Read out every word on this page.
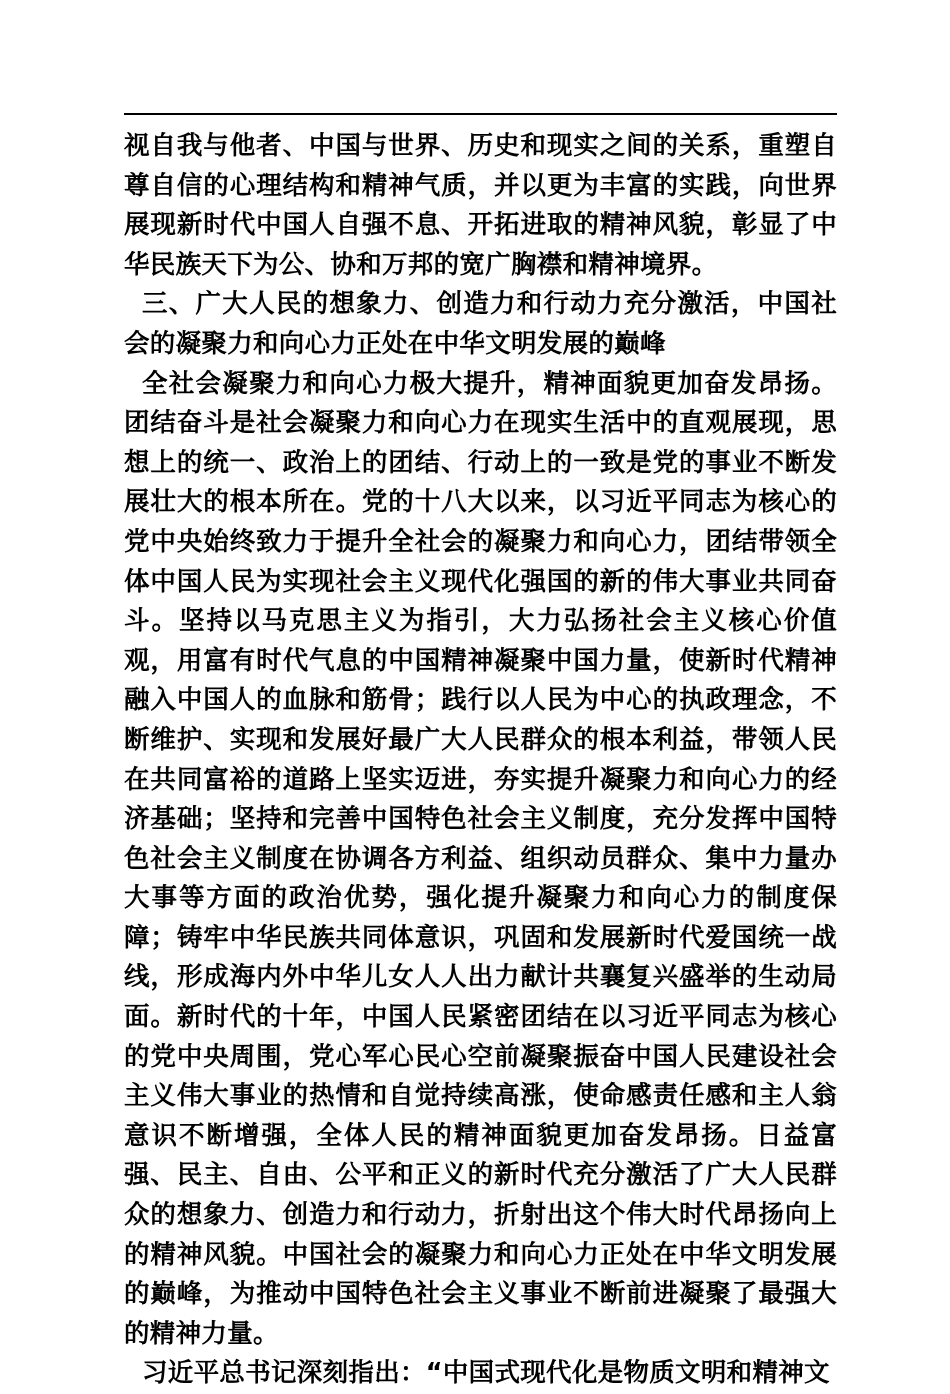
视自我与他者、中国与世界、历史和现实之间的关系，重塑自尊自信的心理结构和精神气质，并以更为丰富的实践，向世界展现新时代中国人自强不息、开拓进取的精神风貌，彰显了中华民族天下为公、协和万邦的宽广胸襟和精神境界。

三、广大人民的想象力、创造力和行动力充分激活，中国社会的凝聚力和向心力正处在中华文明发展的巅峰

全社会凝聚力和向心力极大提升，精神面貌更加奋发昂扬。团结奋斗是社会凝聚力和向心力在现实生活中的直观展现，思想上的统一、政治上的团结、行动上的一致是党的事业不断发展壮大的根本所在。党的十八大以来，以习近平同志为核心的党中央始终致力于提升全社会的凝聚力和向心力，团结带领全体中国人民为实现社会主义现代化强国的新的伟大事业共同奋斗。坚持以马克思主义为指引，大力弘扬社会主义核心价值观，用富有时代气息的中国精神凝聚中国力量，使新时代精神融入中国人的血脉和筋骨；践行以人民为中心的执政理念，不断维护、实现和发展好最广大人民群众的根本利益，带领人民在共同富裕的道路上坚实迈进，夯实提升凝聚力和向心力的经济基础；坚持和完善中国特色社会主义制度，充分发挥中国特色社会主义制度在协调各方利益、组织动员群众、集中力量办大事等方面的政治优势，强化提升凝聚力和向心力的制度保障；铸牢中华民族共同体意识，巩固和发展新时代爱国统一战线，形成海内外中华儿女人人出力献计共襄复兴盛举的生动局面。新时代的十年，中国人民紧密团结在以习近平同志为核心的党中央周围，党心军心民心空前凝聚振奋中国人民建设社会主义伟大事业的热情和自觉持续高涨，使命感责任感和主人翁意识不断增强，全体人民的精神面貌更加奋发昂扬。日益富强、民主、自由、公平和正义的新时代充分激活了广大人民群众的想象力、创造力和行动力，折射出这个伟大时代昂扬向上的精神风貌。中国社会的凝聚力和向心力正处在中华文明发展的巅峰，为推动中国特色社会主义事业不断前进凝聚了最强大的精神力量。

习近平总书记深刻指出：“中国式现代化是物质文明和精神文
